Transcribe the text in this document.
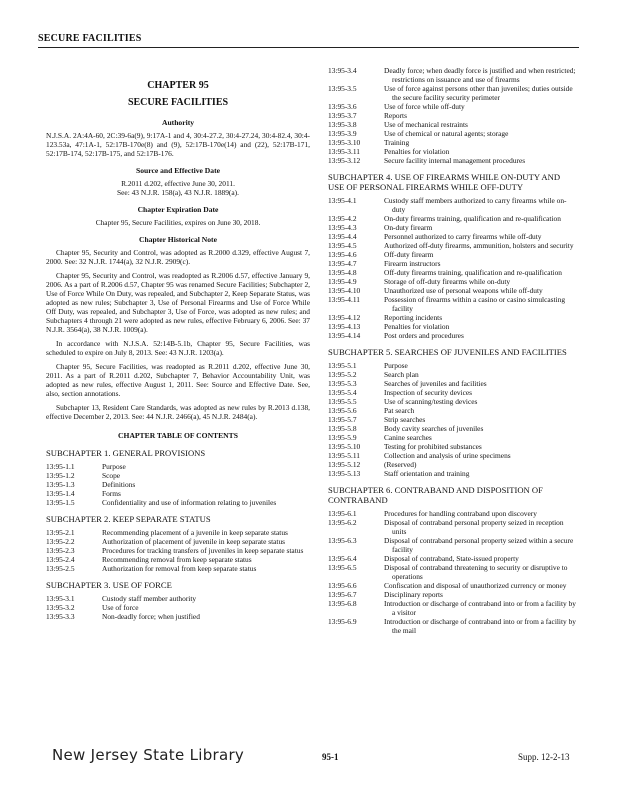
SECURE FACILITIES
CHAPTER 95
SECURE FACILITIES
Authority
N.J.S.A. 2A:4A-60, 2C:39-6a(9), 9:17A-1 and 4, 30:4-27.2, 30:4-27.24, 30:4-82.4, 30:4-123.53a, 47:1A-1, 52:17B-170e(8) and (9), 52:17B-170e(14) and (22), 52:17B-171, 52:17B-174, 52:17B-175, and 52:17B-176.
Source and Effective Date
R.2011 d.202, effective June 30, 2011.
See: 43 N.J.R. 158(a), 43 N.J.R. 1889(a).
Chapter Expiration Date
Chapter 95, Secure Facilities, expires on June 30, 2018.
Chapter Historical Note
Chapter 95, Security and Control, was adopted as R.2000 d.329, effective August 7, 2000. See: 32 N.J.R. 1744(a), 32 N.J.R. 2909(c).
Chapter 95, Security and Control, was readopted as R.2006 d.57, effective January 9, 2006. As a part of R.2006 d.57, Chapter 95 was renamed Secure Facilities; Subchapter 2, Use of Force While On Duty, was repealed, and Subchapter 2, Keep Separate Status, was adopted as new rules; Subchapter 3, Use of Personal Firearms and Use of Force While Off Duty, was repealed, and Subchapter 3, Use of Force, was adopted as new rules; and Subchapters 4 through 21 were adopted as new rules, effective February 6, 2006. See: 37 N.J.R. 3564(a), 38 N.J.R. 1009(a).
In accordance with N.J.S.A. 52:14B-5.1b, Chapter 95, Secure Facilities, was scheduled to expire on July 8, 2013. See: 43 N.J.R. 1203(a).
Chapter 95, Secure Facilities, was readopted as R.2011 d.202, effective June 30, 2011. As a part of R.2011 d.202, Subchapter 7, Behavior Accountability Unit, was adopted as new rules, effective August 1, 2011. See: Source and Effective Date. See, also, section annotations.
Subchapter 13, Resident Care Standards, was adopted as new rules by R.2013 d.138, effective December 2, 2013. See: 44 N.J.R. 2466(a), 45 N.J.R. 2484(a).
CHAPTER TABLE OF CONTENTS
SUBCHAPTER 1. GENERAL PROVISIONS
13:95-1.1	Purpose
13:95-1.2	Scope
13:95-1.3	Definitions
13:95-1.4	Forms
13:95-1.5	Confidentiality and use of information relating to juveniles
SUBCHAPTER 2. KEEP SEPARATE STATUS
13:95-2.1	Recommending placement of a juvenile in keep separate status
13:95-2.2	Authorization of placement of juvenile in keep separate status
13:95-2.3	Procedures for tracking transfers of juveniles in keep separate status
13:95-2.4	Recommending removal from keep separate status
13:95-2.5	Authorization for removal from keep separate status
SUBCHAPTER 3. USE OF FORCE
13:95-3.1	Custody staff member authority
13:95-3.2	Use of force
13:95-3.3	Non-deadly force; when justified
13:95-3.4	Deadly force; when deadly force is justified and when restricted; restrictions on issuance and use of firearms
13:95-3.5	Use of force against persons other than juveniles; duties outside the secure facility security perimeter
13:95-3.6	Use of force while off-duty
13:95-3.7	Reports
13:95-3.8	Use of mechanical restraints
13:95-3.9	Use of chemical or natural agents; storage
13:95-3.10	Training
13:95-3.11	Penalties for violation
13:95-3.12	Secure facility internal management procedures
SUBCHAPTER 4. USE OF FIREARMS WHILE ON-DUTY AND USE OF PERSONAL FIREARMS WHILE OFF-DUTY
13:95-4.1	Custody staff members authorized to carry firearms while on-duty
13:95-4.2	On-duty firearms training, qualification and re-qualification
13:95-4.3	On-duty firearm
13:95-4.4	Personnel authorized to carry firearms while off-duty
13:95-4.5	Authorized off-duty firearms, ammunition, holsters and security
13:95-4.6	Off-duty firearm
13:95-4.7	Firearm instructors
13:95-4.8	Off-duty firearms training, qualification and re-qualification
13:95-4.9	Storage of off-duty firearms while on-duty
13:95-4.10	Unauthorized use of personal weapons while off-duty
13:95-4.11	Possession of firearms within a casino or casino simulcasting facility
13:95-4.12	Reporting incidents
13:95-4.13	Penalties for violation
13:95-4.14	Post orders and procedures
SUBCHAPTER 5. SEARCHES OF JUVENILES AND FACILITIES
13:95-5.1	Purpose
13:95-5.2	Search plan
13:95-5.3	Searches of juveniles and facilities
13:95-5.4	Inspection of security devices
13:95-5.5	Use of scanning/testing devices
13:95-5.6	Pat search
13:95-5.7	Strip searches
13:95-5.8	Body cavity searches of juveniles
13:95-5.9	Canine searches
13:95-5.10	Testing for prohibited substances
13:95-5.11	Collection and analysis of urine specimens
13:95-5.12	(Reserved)
13:95-5.13	Staff orientation and training
SUBCHAPTER 6. CONTRABAND AND DISPOSITION OF CONTRABAND
13:95-6.1	Procedures for handling contraband upon discovery
13:95-6.2	Disposal of contraband personal property seized in reception units
13:95-6.3	Disposal of contraband personal property seized within a secure facility
13:95-6.4	Disposal of contraband, State-issued property
13:95-6.5	Disposal of contraband threatening to security or disruptive to operations
13:95-6.6	Confiscation and disposal of unauthorized currency or money
13:95-6.7	Disciplinary reports
13:95-6.8	Introduction or discharge of contraband into or from a facility by a visitor
13:95-6.9	Introduction or discharge of contraband into or from a facility by the mail
New Jersey State Library	95-1	Supp. 12-2-13
